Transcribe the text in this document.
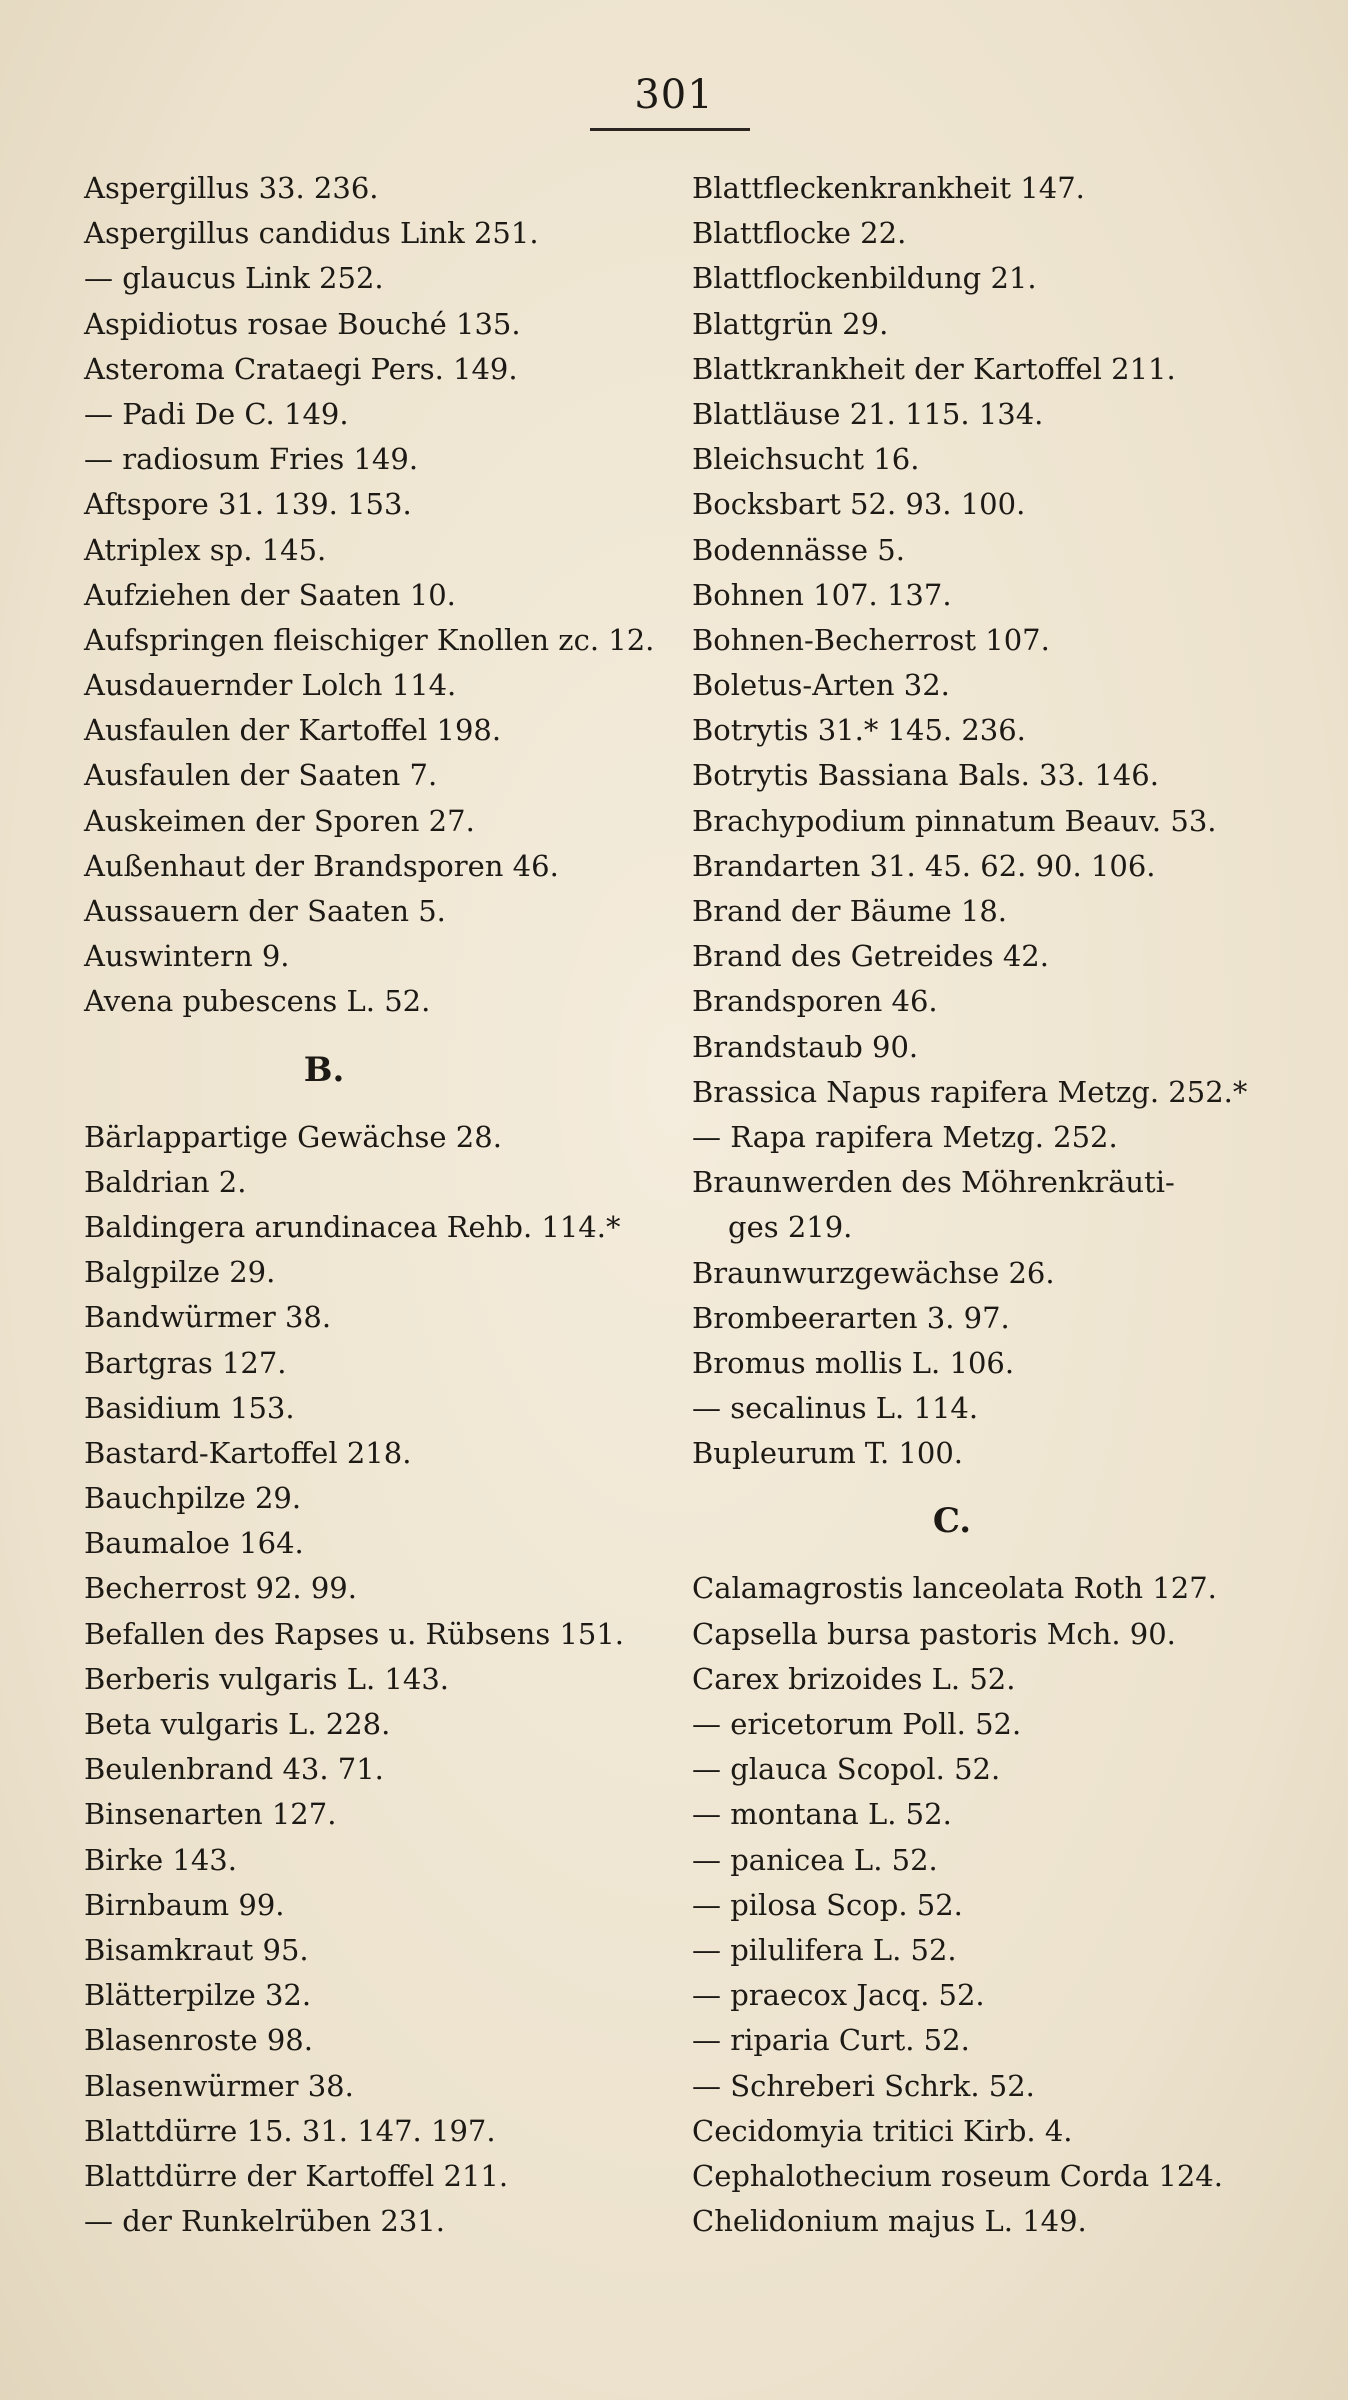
301
Aspergillus 33. 236.
Aspergillus candidus Link 251.
— glaucus Link 252.
Aspidiotus rosae Bouché 135.
Asteroma Crataegi Pers. 149.
— Padi De C. 149.
— radiosum Fries 149.
Aftspore 31. 139. 153.
Atriplex sp. 145.
Aufziehen der Saaten 10.
Aufspringen fleischiger Knollen zc. 12.
Ausdauernder Lolch 114.
Ausfaulen der Kartoffel 198.
Ausfaulen der Saaten 7.
Auskeimen der Sporen 27.
Außenhaut der Brandsporen 46.
Aussauern der Saaten 5.
Auswintern 9.
Avena pubescens L. 52.
B.
Bärlappartige Gewächse 28.
Baldrian 2.
Baldingera arundinacea Rehb. 114.*
Balgpilze 29.
Bandwürmer 38.
Bartgras 127.
Basidium 153.
Bastard-Kartoffel 218.
Bauchpilze 29.
Baumaloe 164.
Becherrost 92. 99.
Befallen des Rapses u. Rübsens 151.
Berberis vulgaris L. 143.
Beta vulgaris L. 228.
Beulenbrand 43. 71.
Binsenarten 127.
Birke 143.
Birnbaum 99.
Bisamkraut 95.
Blätterpilze 32.
Blasenroste 98.
Blasenwürmer 38.
Blattdürre 15. 31. 147. 197.
Blattdürre der Kartoffel 211.
— der Runkelrüben 231.
Blattfleckenkrankheit 147.
Blattflocke 22.
Blattflockenbildung 21.
Blattgrün 29.
Blattkrankheit der Kartoffel 211.
Blattläuse 21. 115. 134.
Bleichsucht 16.
Bocksbart 52. 93. 100.
Bodennässe 5.
Bohnen 107. 137.
Bohnen-Becherrost 107.
Boletus-Arten 32.
Botrytis 31.* 145. 236.
Botrytis Bassiana Bals. 33. 146.
Brachypodium pinnatum Beauv. 53.
Brandarten 31. 45. 62. 90. 106.
Brand der Bäume 18.
Brand des Getreides 42.
Brandsporen 46.
Brandstaub 90.
Brassica Napus rapifera Metzg. 252.*
— Rapa rapifera Metzg. 252.
Braunwerden des Möhrenkräuti-
ges 219.
Braunwurzgewächse 26.
Brombeerarten 3. 97.
Bromus mollis L. 106.
— secalinus L. 114.
Bupleurum T. 100.
C.
Calamagrostis lanceolata Roth 127.
Capsella bursa pastoris Mch. 90.
Carex brizoides L. 52.
— ericetorum Poll. 52.
— glauca Scopol. 52.
— montana L. 52.
— panicea L. 52.
— pilosa Scop. 52.
— pilulifera L. 52.
— praecox Jacq. 52.
— riparia Curt. 52.
— Schreberi Schrk. 52.
Cecidomyia tritici Kirb. 4.
Cephalothecium roseum Corda 124.
Chelidonium majus L. 149.
